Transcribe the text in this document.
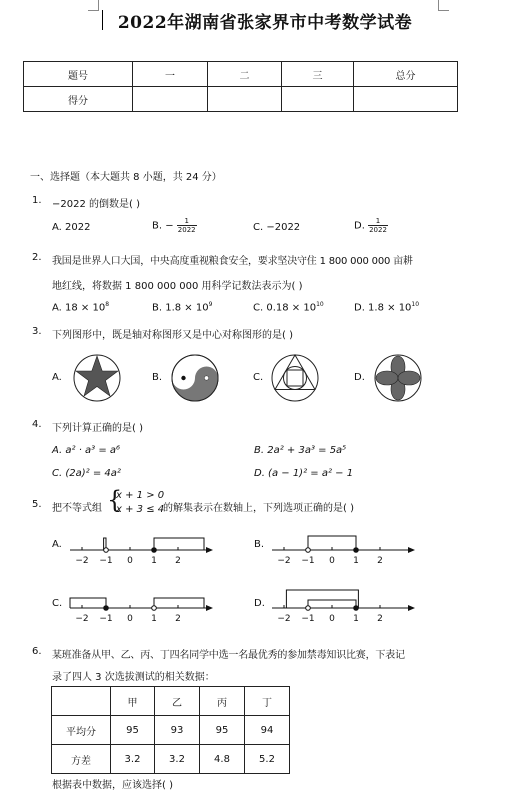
2022年湖南省张家界市中考数学试卷
题号	一	二	三	总分
得分				
一、选择题（本大题共 8 小题，共 24 分）
1. −2022 的倒数是( )
A. 2022	B. − $\frac{1}{2022}$	C. −2022	D. $\frac{1}{2022}$
2. 我国是世界人口大国，中央高度重视粮食安全，要求坚决守住 1 800 000 000 亩耕
地红线，将数据 1 800 000 000 用科学记数法表示为( )
A. $18 \times 10^8$	B. $1.8 \times 10^9$	C. $0.18 \times 10^{10}$	D. $1.8 \times 10^{10}$
3. 下列图形中，既是轴对称图形又是中心对称图形的是( )
A.	B.	C.	D.
4. 下列计算正确的是( )
A. a² · a³ = a⁶	B. 2a² + 3a³ = 5a⁵
C. (2a)² = 4a²	D. (a − 1)² = a² − 1
5. 把不等式组 {
x + 1 > 0
x + 3 ≤ 4
的解集表示在数轴上，下列选项正确的是( )
A.	B.
C.	D.
−2 −1 0 1 2	−2 −1 0 1 2
−2 −1 0 1 2	−2 −1 0 1 2
6. 某班准备从甲、乙、丙、丁四名同学中选一名最优秀的参加禁毒知识比赛，下表记
录了四人 3 次选拔测试的相关数据：
	甲	乙	丙	丁
平均分	95	93	95	94
方差	3.2	3.2	4.8	5.2
根据表中数据，应该选择( )
